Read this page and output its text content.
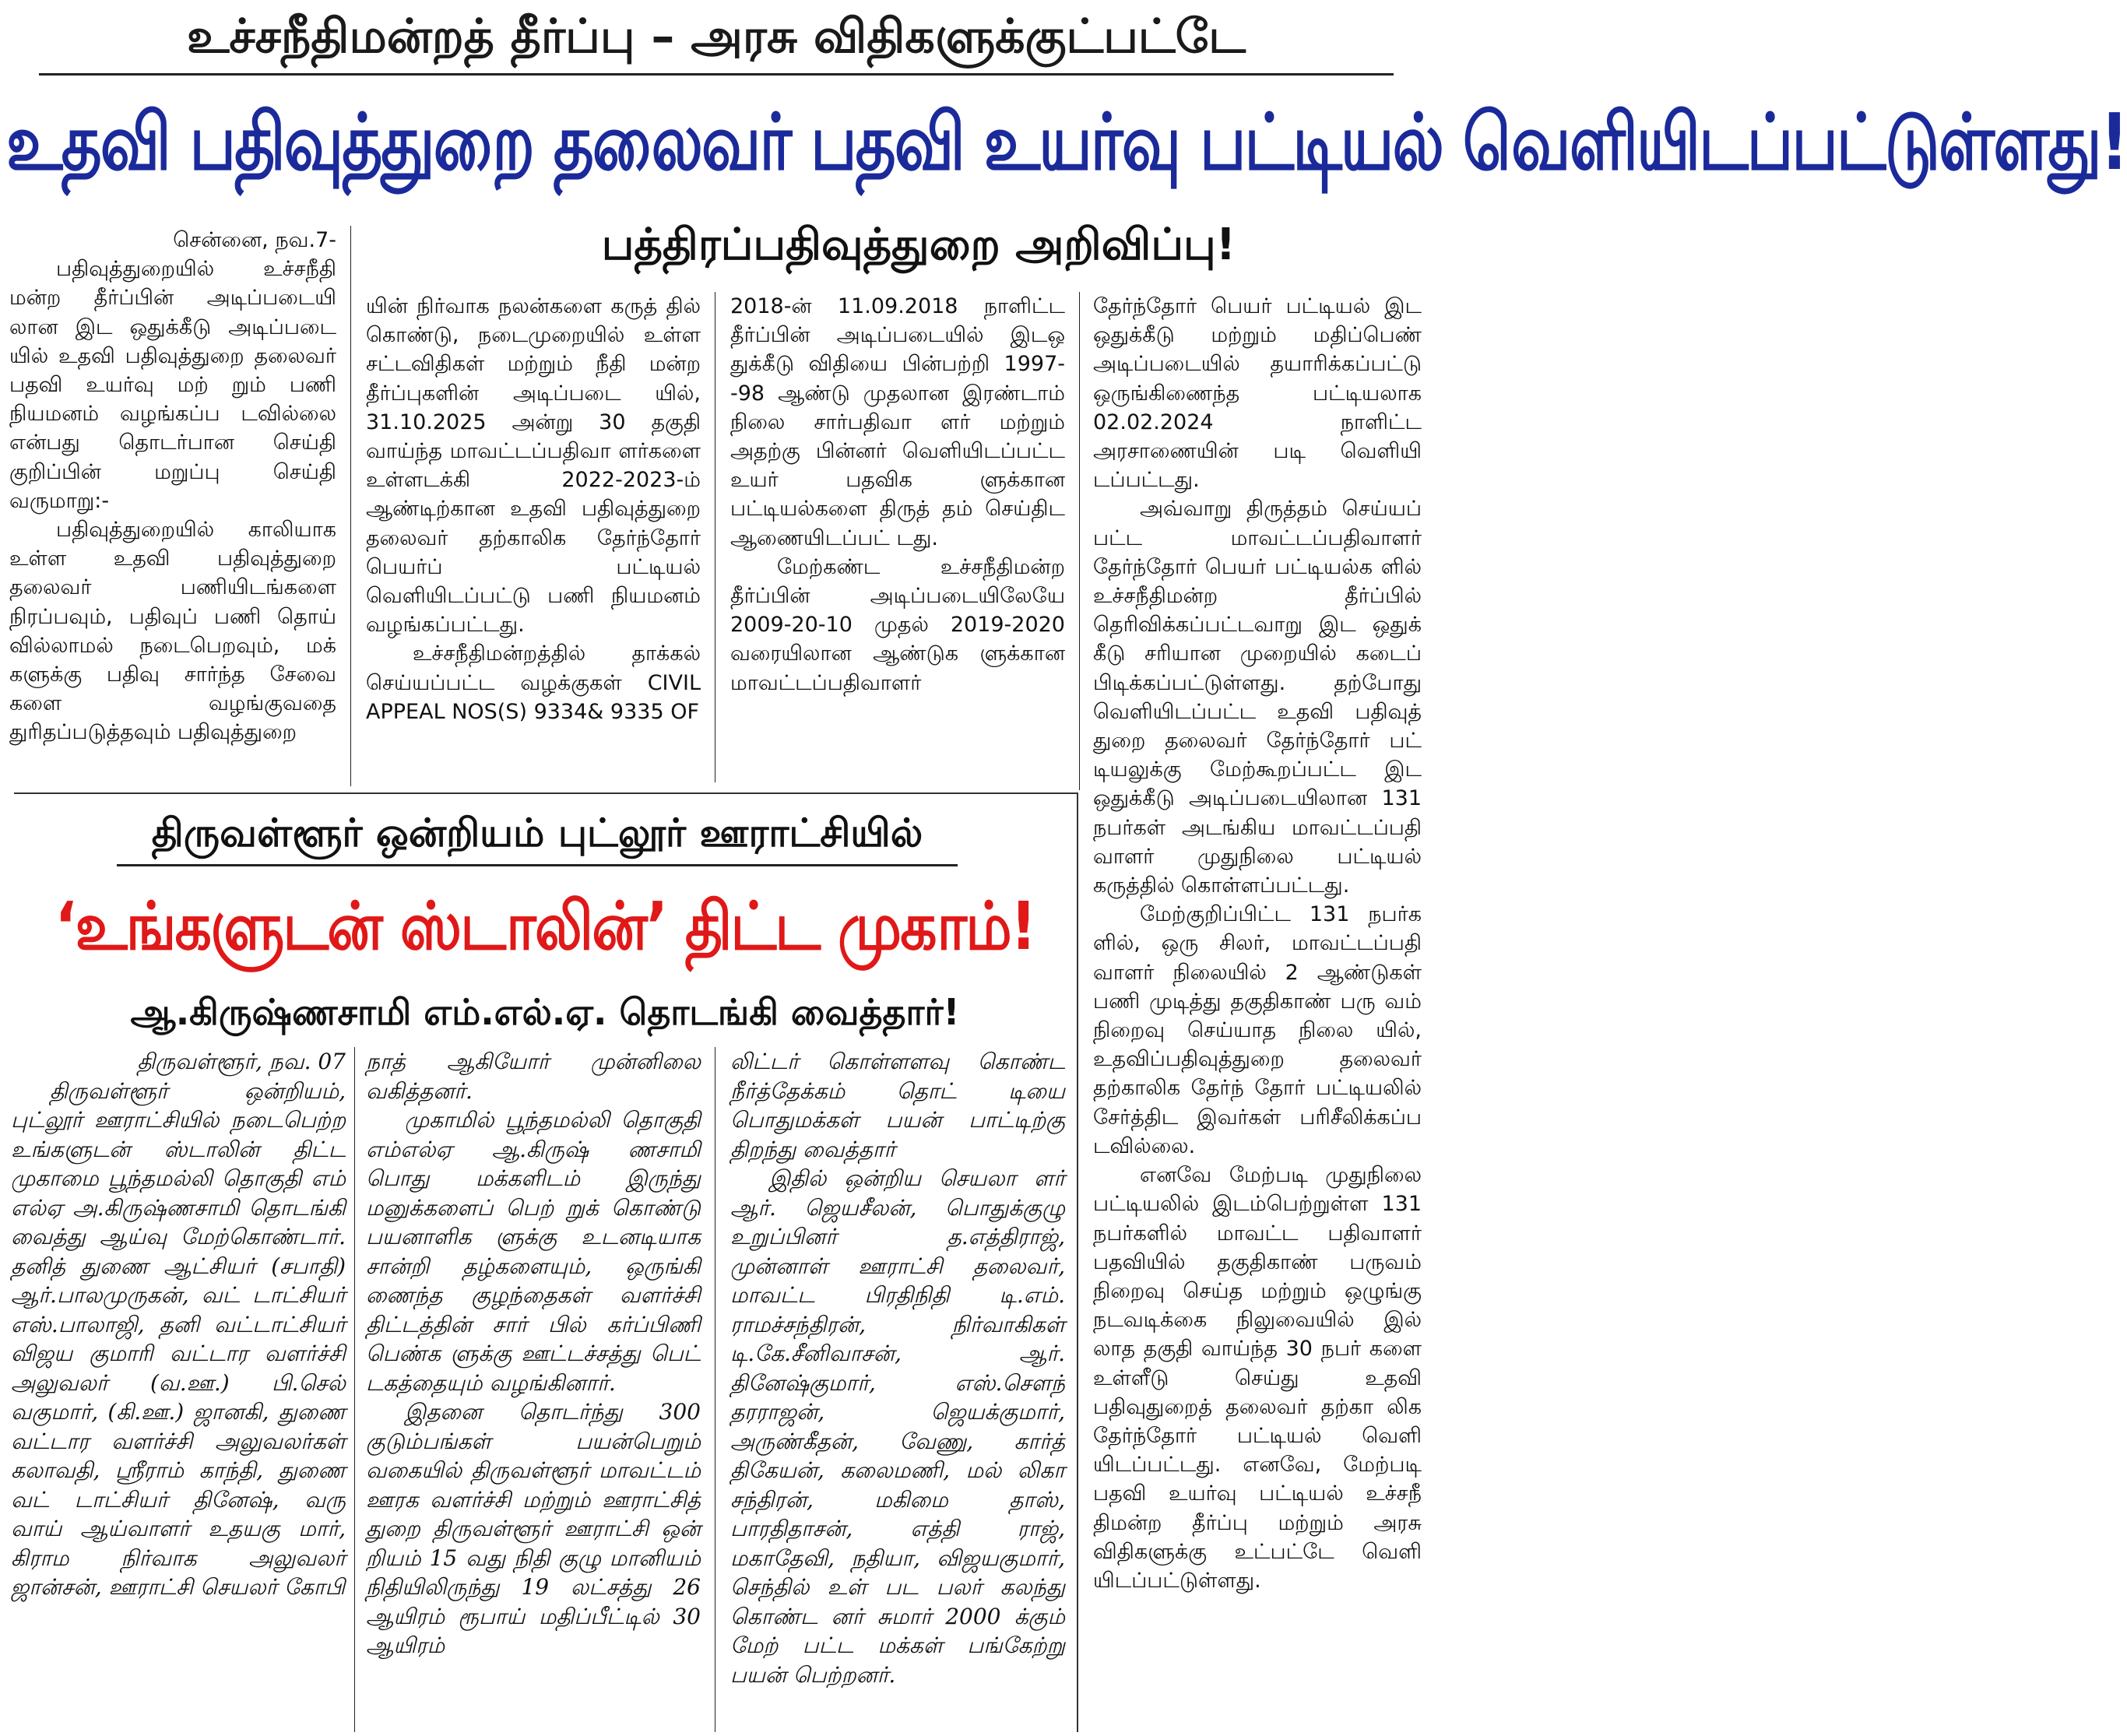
உச்சநீதிமன்றத் தீர்ப்பு – அரசு விதிகளுக்குட்பட்டே
உதவி பதிவுத்துறை தலைவர் பதவி உயர்வு பட்டியல் வெளியிடப்பட்டுள்ளது!
பத்திரப்பதிவுத்துறை அறிவிப்பு!
சென்னை, நவ.7-

பதிவுத்துறையில் உச்சநீதி மன்ற தீர்ப்பின் அடிப்படையி லான இட ஒதுக்கீடு அடிப்படை யில் உதவி பதிவுத்துறை தலைவர் பதவி உயர்வு மற் றும் பணி நியமனம் வழங்கப்ப டவில்லை என்பது தொடர்பான செய்தி குறிப்பின் மறுப்பு செய்தி வருமாறு:-

பதிவுத்துறையில் காலியாக உள்ள உதவி பதிவுத்துறை தலைவர் பணியிடங்களை நிரப்பவும், பதிவுப் பணி தொய் வில்லாமல் நடைபெறவும், மக் களுக்கு பதிவு சார்ந்த சேவை களை வழங்குவதை துரிதப்படுத்தவும் பதிவுத்துறை

யின் நிர்வாக நலன்களை கருத் தில் கொண்டு, நடைமுறையில் உள்ள சட்டவிதிகள் மற்றும் நீதி மன்ற தீர்ப்புகளின் அடிப்படை யில், 31.10.2025 அன்று 30 தகுதி வாய்ந்த மாவட்டப்பதிவா ளர்களை உள்ளடக்கி 2022-2023-ம் ஆண்டிற்கான உதவி பதிவுத்துறை தலைவர் தற்காலிக தேர்ந்தோர் பெயர்ப் பட்டியல் வெளியிடப்பட்டு பணி நியமனம் வழங்கப்பட்டது.

உச்சநீதிமன்றத்தில் தாக்கல் செய்யப்பட்ட வழக்குகள் CIVIL APPEAL NOS(S) 9334& 9335 OF

2018-ன் 11.09.2018 நாளிட்ட தீர்ப்பின் அடிப்படையில் இடஒ துக்கீடு விதியை பின்பற்றி 1997--98 ஆண்டு முதலான இரண்டாம் நிலை சார்பதிவா ளர் மற்றும் அதற்கு பின்னர் வெளியிடப்பட்ட உயர் பதவிக ளுக்கான பட்டியல்களை திருத் தம் செய்திட ஆணையிடப்பட் டது.

மேற்கண்ட உச்சநீதிமன்ற தீர்ப்பின் அடிப்படையிலேயே 2009-20-10 முதல் 2019-2020 வரையிலான ஆண்டுக ளுக்கான மாவட்டப்பதிவாளர்

தேர்ந்தோர் பெயர் பட்டியல் இட ஒதுக்கீடு மற்றும் மதிப்பெண் அடிப்படையில் தயாரிக்கப்பட்டு ஒருங்கிணைந்த பட்டியலாக 02.02.2024 நாளிட்ட அரசாணையின் படி வெளியி டப்பட்டது.

அவ்வாறு திருத்தம் செய்யப் பட்ட மாவட்டப்பதிவாளர் தேர்ந்தோர் பெயர் பட்டியல்க ளில் உச்சநீதிமன்ற தீர்ப்பில் தெரிவிக்கப்பட்டவாறு இட ஒதுக் கீடு சரியான முறையில் கடைப் பிடிக்கப்பட்டுள்ளது. தற்போது வெளியிடப்பட்ட உதவி பதிவுத் துறை தலைவர் தேர்ந்தோர் பட் டியலுக்கு மேற்கூறப்பட்ட இட ஒதுக்கீடு அடிப்படையிலான 131 நபர்கள் அடங்கிய மாவட்டப்பதி வாளர் முதுநிலை பட்டியல் கருத்தில் கொள்ளப்பட்டது.

மேற்குறிப்பிட்ட 131 நபர்க ளில், ஒரு சிலர், மாவட்டப்பதி வாளர் நிலையில் 2 ஆண்டுகள் பணி முடித்து தகுதிகாண் பரு வம் நிறைவு செய்யாத நிலை யில், உதவிப்பதிவுத்துறை தலைவர் தற்காலிக தேர்ந் தோர் பட்டியலில் சேர்த்திட இவர்கள் பரிசீலிக்கப்ப டவில்லை.

எனவே மேற்படி முதுநிலை பட்டியலில் இடம்பெற்றுள்ள 131 நபர்களில் மாவட்ட பதிவாளர் பதவியில் தகுதிகாண் பருவம் நிறைவு செய்த மற்றும் ஒழுங்கு நடவடிக்கை நிலுவையில் இல் லாத தகுதி வாய்ந்த 30 நபர் களை உள்ளீடு செய்து உதவி பதிவுதுறைத் தலைவர் தற்கா லிக தேர்ந்தோர் பட்டியல் வெளி யிடப்பட்டது. எனவே, மேற்படி பதவி உயர்வு பட்டியல் உச்சநீ திமன்ற தீர்ப்பு மற்றும் அரசு விதிகளுக்கு உட்பட்டே வெளி யிடப்பட்டுள்ளது.

திருவள்ளூர் ஒன்றியம் புட்லூர் ஊராட்சியில்
‘உங்களுடன் ஸ்டாலின்’ திட்ட முகாம்!
ஆ.கிருஷ்ணசாமி எம்.எல்.ஏ. தொடங்கி வைத்தார்!
திருவள்ளூர், நவ. 07

திருவள்ளூர் ஒன்றியம், புட்லூர் ஊராட்சியில் நடைபெற்ற உங்களுடன் ஸ்டாலின் திட்ட முகாமை பூந்தமல்லி தொகுதி எம் எல்ஏ அ.கிருஷ்ணசாமி தொடங்கி வைத்து ஆய்வு மேற்கொண்டார். தனித் துணை ஆட்சியர் (சபாதி) ஆர்.பாலமுருகன், வட் டாட்சியர் எஸ்.பாலாஜி, தனி வட்டாட்சியர் விஜய குமாரி வட்டார வளர்ச்சி அலுவலர் (வ.ஊ.) பி.செல் வகுமார், (கி.ஊ.) ஜானகி, துணை வட்டார வளர்ச்சி அலுவலர்கள் கலாவதி, ஸ்ரீராம் காந்தி, துணை வட் டாட்சியர் தினேஷ், வரு வாய் ஆய்வாளர் உதயகு மார், கிராம நிர்வாக அலுவலர் ஜான்சன், ஊராட்சி செயலர் கோபி

நாத் ஆகியோர் முன்னிலை வகித்தனர்.

முகாமில் பூந்தமல்லி தொகுதி எம்எல்ஏ ஆ.கிருஷ் ணசாமி பொது மக்களிடம் இருந்து மனுக்களைப் பெற் றுக் கொண்டு பயனாளிக ளுக்கு உடனடியாக சான்றி தழ்களையும், ஒருங்கி ணைந்த குழந்தைகள் வளர்ச்சி திட்டத்தின் சார் பில் கர்ப்பிணி பெண்க ளுக்கு ஊட்டச்சத்து பெட் டகத்தையும் வழங்கினார்.

இதனை தொடர்ந்து 300 குடும்பங்கள் பயன்பெறும் வகையில் திருவள்ளூர் மாவட்டம் ஊரக வளர்ச்சி மற்றும் ஊராட்சித் துறை திருவள்ளூர் ஊராட்சி ஒன் றியம் 15 வது நிதி குழு மானியம் நிதியிலிருந்து 19 லட்சத்து 26 ஆயிரம் ரூபாய் மதிப்பீட்டில் 30 ஆயிரம்

லிட்டர் கொள்ளளவு கொண்ட நீர்த்தேக்கம் தொட் டியை பொதுமக்கள் பயன் பாட்டிற்கு திறந்து வைத்தார்

இதில் ஒன்றிய செயலா ளர் ஆர். ஜெயசீலன், பொதுக்குழு உறுப்பினர் த.எத்திராஜ், முன்னாள் ஊராட்சி தலைவர், மாவட்ட பிரதிநிதி டி.எம். ராமச்சந்திரன், நிர்வாகிகள் டி.கே.சீனிவாசன், ஆர். தினேஷ்குமார், எஸ்.சௌந் தரராஜன், ஜெயக்குமார், அருண்கீதன், வேணு, கார்த் திகேயன், கலைமணி, மல் லிகா சந்திரன், மகிமை தாஸ், பாரதிதாசன், எத்தி ராஜ், மகாதேவி, நதியா, விஜயகுமார், செந்தில் உள் பட பலர் கலந்து கொண்ட னர் சுமார் 2000 க்கும் மேற் பட்ட மக்கள் பங்கேற்று பயன் பெற்றனர்.
